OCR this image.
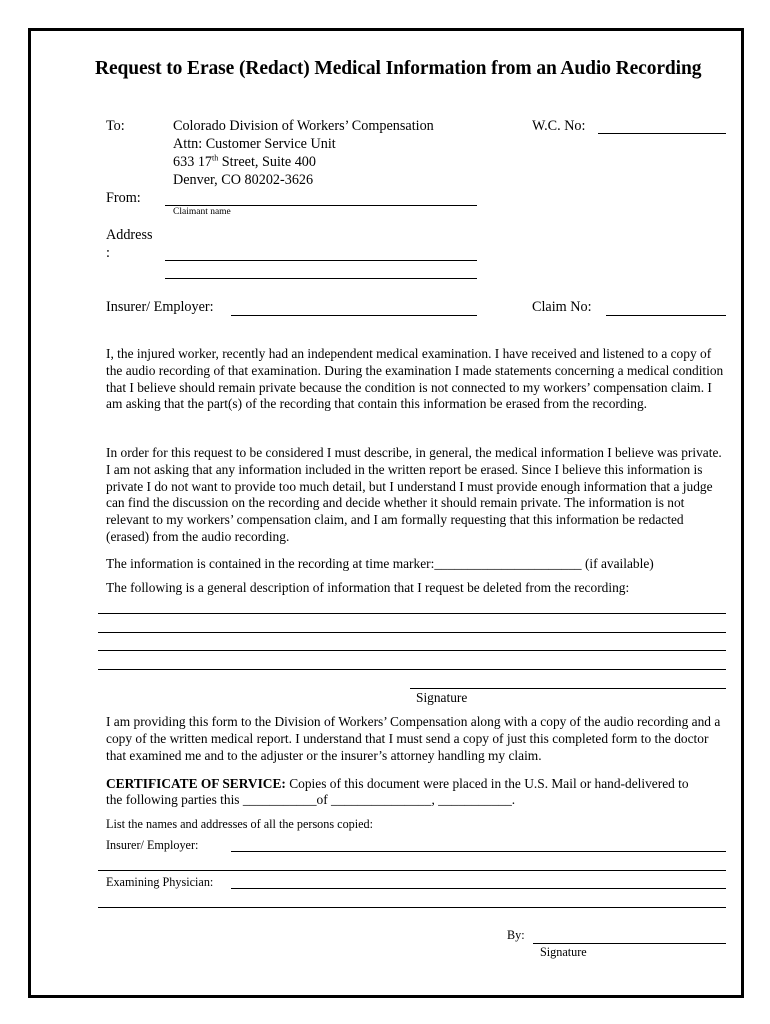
Request to Erase (Redact) Medical Information from an Audio Recording
To:	Colorado Division of Workers’ Compensation
Attn: Customer Service Unit
633 17th Street, Suite 400
Denver, CO 80202-3626
W.C. No:
From:
Claimant name
Address
:
Insurer/ Employer:	Claim No:

I, the injured worker, recently had an independent medical examination. I have received and listened to a copy of the audio recording of that examination. During the examination I made statements concerning a medical condition that I believe should remain private because the condition is not connected to my workers’ compensation claim. I am asking that the part(s) of the recording that contain this information be erased from the recording.

In order for this request to be considered I must describe, in general, the medical information I believe was private. I am not asking that any information included in the written report be erased. Since I believe this information is private I do not want to provide too much detail, but I understand I must provide enough information that a judge can find the discussion on the recording and decide whether it should remain private. The information is not relevant to my workers’ compensation claim, and I am formally requesting that this information be redacted (erased) from the audio recording.

The information is contained in the recording at time marker:______________________ (if available)
The following is a general description of information that I request be deleted from the recording:
Signature

I am providing this form to the Division of Workers’ Compensation along with a copy of the audio recording and a copy of the written medical report. I understand that I must send a copy of just this completed form to the doctor that examined me and to the adjuster or the insurer’s attorney handling my claim.

CERTIFICATE OF SERVICE: Copies of this document were placed in the U.S. Mail or hand-delivered to
the following parties this ___________of _______________, ___________.
List the names and addresses of all the persons copied:
Insurer/ Employer:
Examining Physician:
By:
Signature
